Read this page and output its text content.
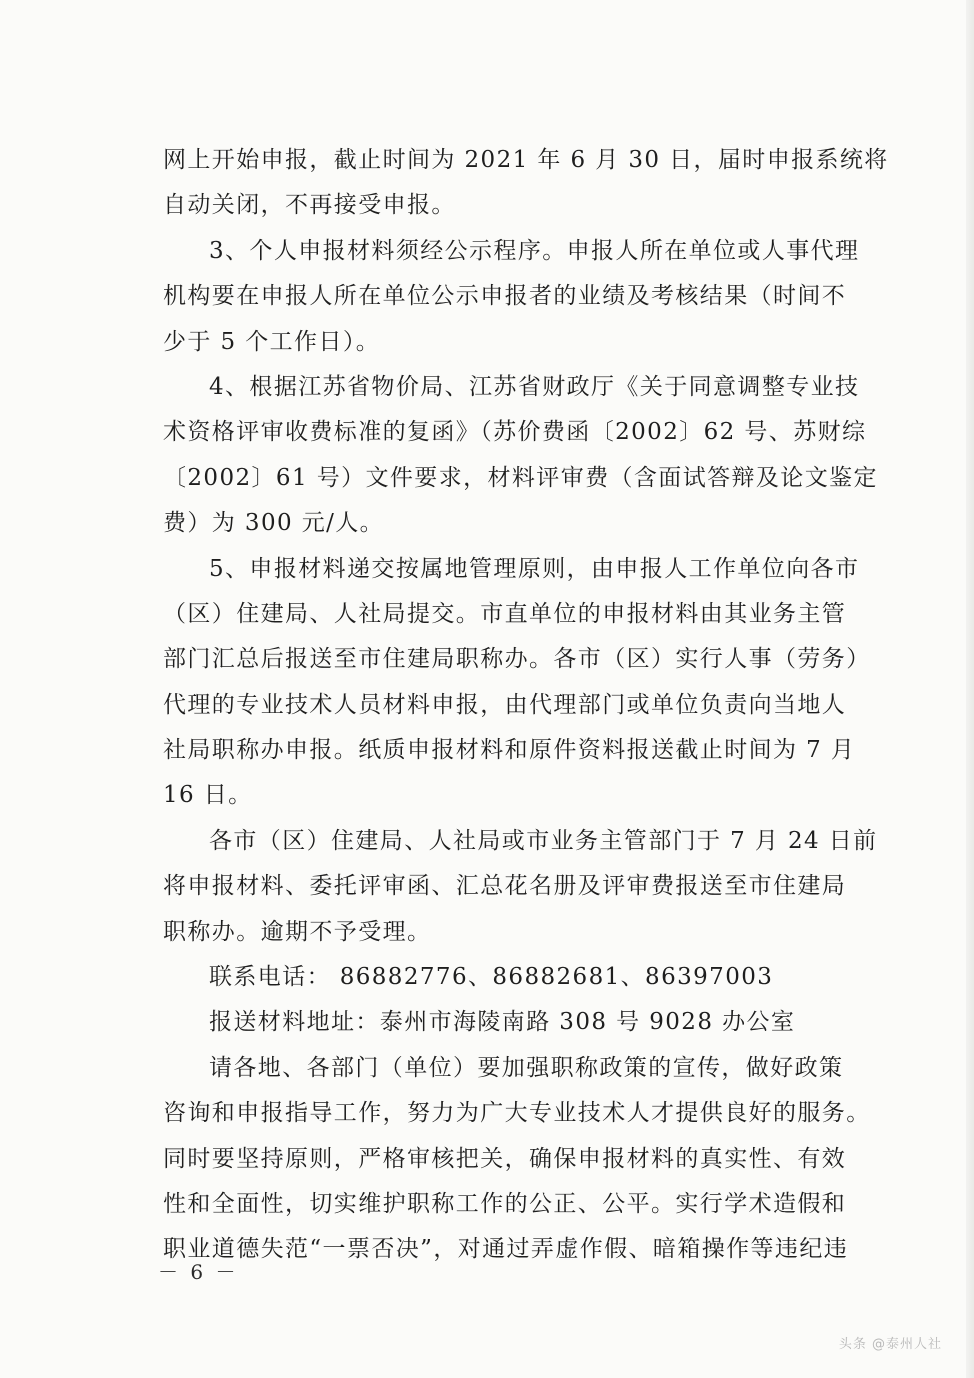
网上开始申报，截止时间为 2021 年 6 月 30 日，届时申报系统将
自动关闭，不再接受申报。
3、个人申报材料须经公示程序。申报人所在单位或人事代理
机构要在申报人所在单位公示申报者的业绩及考核结果（时间不
少于 5 个工作日）。
4、根据江苏省物价局、江苏省财政厅《关于同意调整专业技
术资格评审收费标准的复函》（苏价费函〔2002〕62 号、苏财综
〔2002〕61 号）文件要求，材料评审费（含面试答辩及论文鉴定
费）为 300 元/人。
5、申报材料递交按属地管理原则，由申报人工作单位向各市
（区）住建局、人社局提交。市直单位的申报材料由其业务主管
部门汇总后报送至市住建局职称办。各市（区）实行人事（劳务）
代理的专业技术人员材料申报，由代理部门或单位负责向当地人
社局职称办申报。纸质申报材料和原件资料报送截止时间为 7 月
16 日。
各市（区）住建局、人社局或市业务主管部门于 7 月 24 日前
将申报材料、委托评审函、汇总花名册及评审费报送至市住建局
职称办。逾期不予受理。
联系电话： 86882776、86882681、86397003
报送材料地址：泰州市海陵南路 308 号 9028 办公室
请各地、各部门（单位）要加强职称政策的宣传，做好政策
咨询和申报指导工作，努力为广大专业技术人才提供良好的服务。
同时要坚持原则，严格审核把关，确保申报材料的真实性、有效
性和全面性，切实维护职称工作的公正、公平。实行学术造假和
职业道德失范“一票否决”，对通过弄虚作假、暗箱操作等违纪违
－ 6 －
头条 @泰州人社
